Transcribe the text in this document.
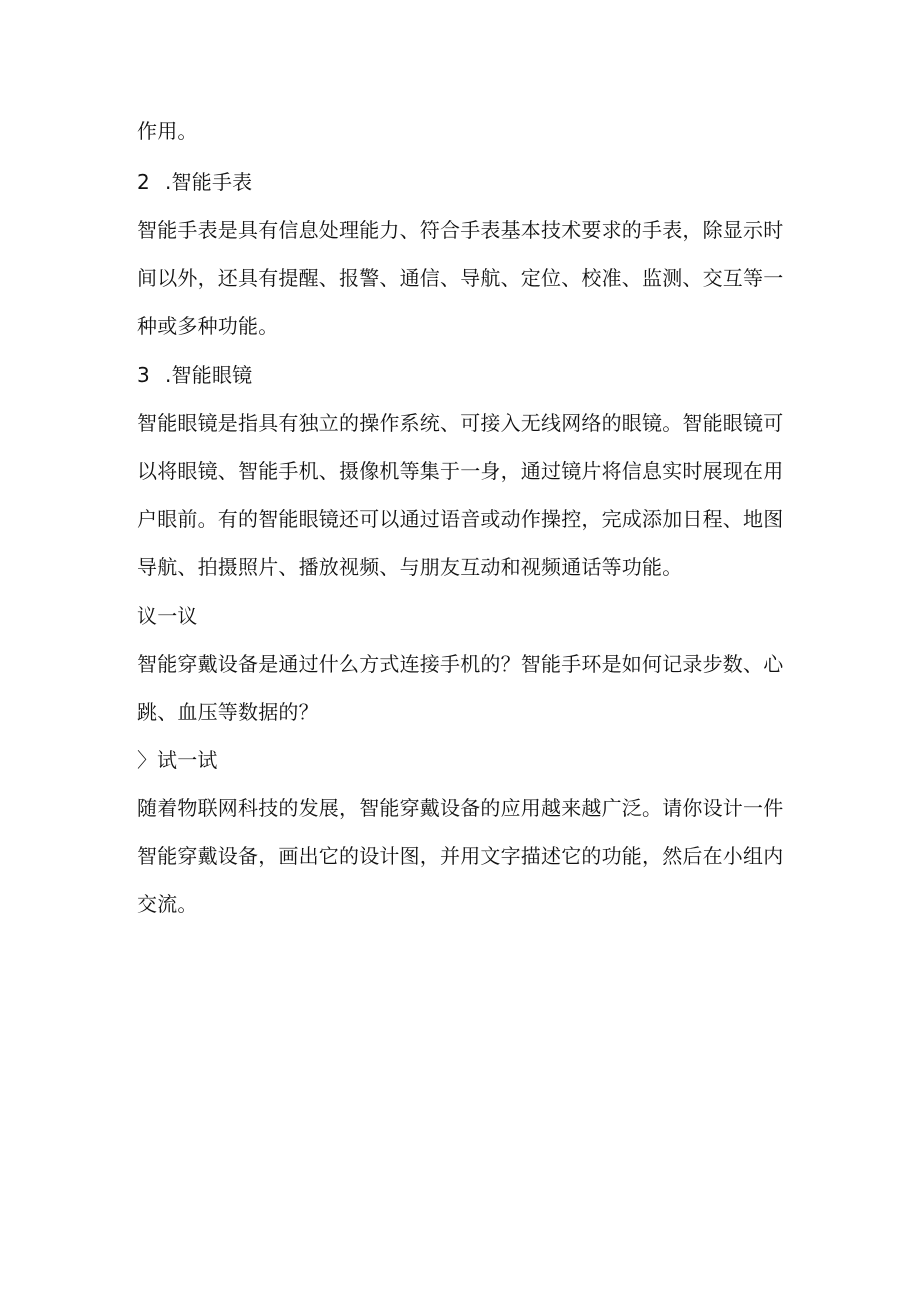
作用。
2 .智能手表
智能手表是具有信息处理能力、符合手表基本技术要求的手表，除显示时
间以外，还具有提醒、报警、通信、导航、定位、校准、监测、交互等一
种或多种功能。
3 .智能眼镜
智能眼镜是指具有独立的操作系统、可接入无线网络的眼镜。智能眼镜可
以将眼镜、智能手机、摄像机等集于一身，通过镜片将信息实时展现在用
户眼前。有的智能眼镜还可以通过语音或动作操控，完成添加日程、地图
导航、拍摄照片、播放视频、与朋友互动和视频通话等功能。
议一议
智能穿戴设备是通过什么方式连接手机的？智能手环是如何记录步数、心
跳、血压等数据的？
〉试一试
随着物联网科技的发展，智能穿戴设备的应用越来越广泛。请你设计一件
智能穿戴设备，画出它的设计图，并用文字描述它的功能，然后在小组内
交流。
